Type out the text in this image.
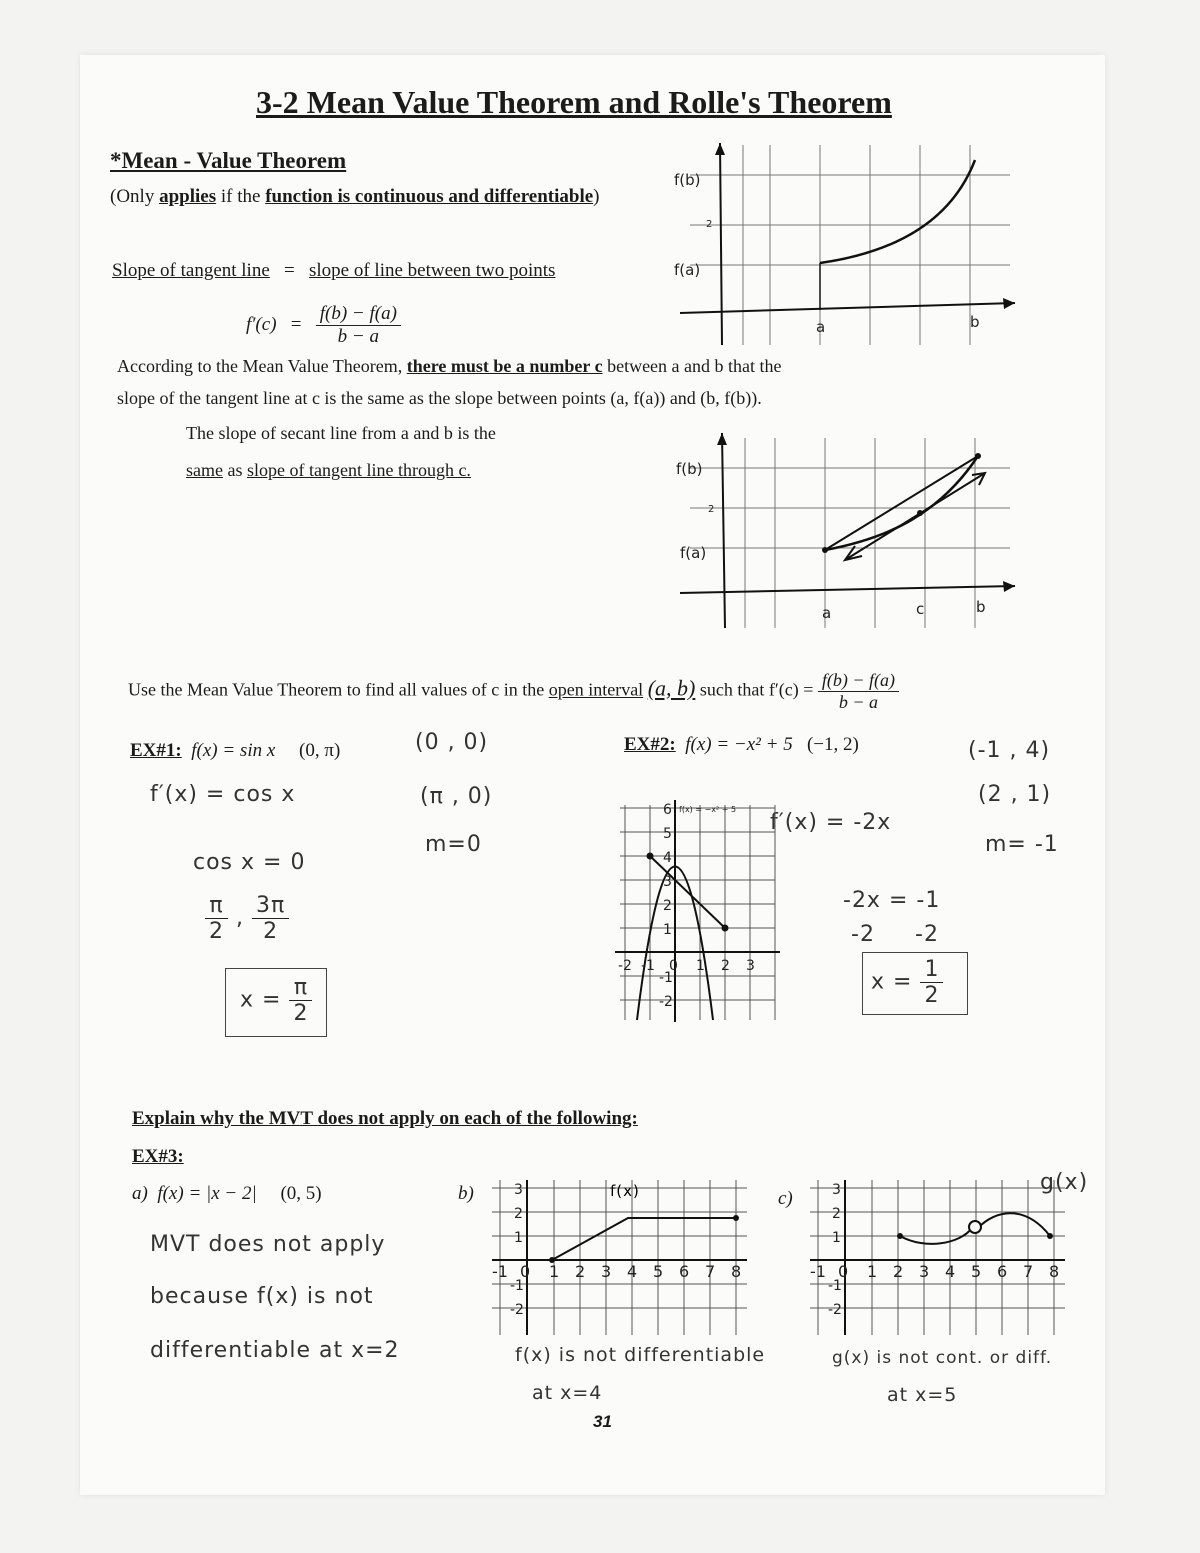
3-2 Mean Value Theorem and Rolle's Theorem
*Mean - Value Theorem
(Only applies if the function is continuous and differentiable)
Slope of tangent line = slope of line between two points
$f'(c) = \frac{f(b) - f(a)}{b - a}$
According to the Mean Value Theorem, there must be a number c between a and b that the
slope of the tangent line at c is the same as the slope between points (a, f(a)) and (b, f(b)).
The slope of secant line from a and b is the
same as slope of tangent line through c.
f(b)
f(a)
2
a	b
f(b)
f(a)
2
a	c	b
Use the Mean Value Theorem to find all values of c in the open interval (a, b) such that $f'(c) = \frac{f(b) - f(a)}{b - a}$
EX#1: f(x) = sin x (0, π)	(0 , 0)
(π , 0)
m=0
f′(x) = cos x
cos x = 0
$\frac{\pi}{2}$ , $\frac{3\pi}{2}$
$x = \frac{\pi}{2}$
EX#2: f(x) = −x² + 5 (−1, 2)	(-1 , 4)
(2 , 1)
m= -1
f′(x) = -2x
-2x = -1
-2 -2
$x = \frac{1}{2}$
f(x) = −x² + 5
6
5
4
3
2
1
-1
-2
-2 -1 0 1 2 3
Explain why the MVT does not apply on each of the following:
EX#3:
a) f(x) = |x − 2| (0, 5)
MVT does not apply
because f(x) is not
differentiable at x=2
b)	c)
f(x)
3
2
1
-1
-2
-1 0 1 2 3 4 5 6 7 8
f(x) is not differentiable
at x=4
3
2
1
-1
-2
-1 0 1 2 3 4 5 6 7 8
g(x)
g(x) is not cont. or diff.
at x=5
31
